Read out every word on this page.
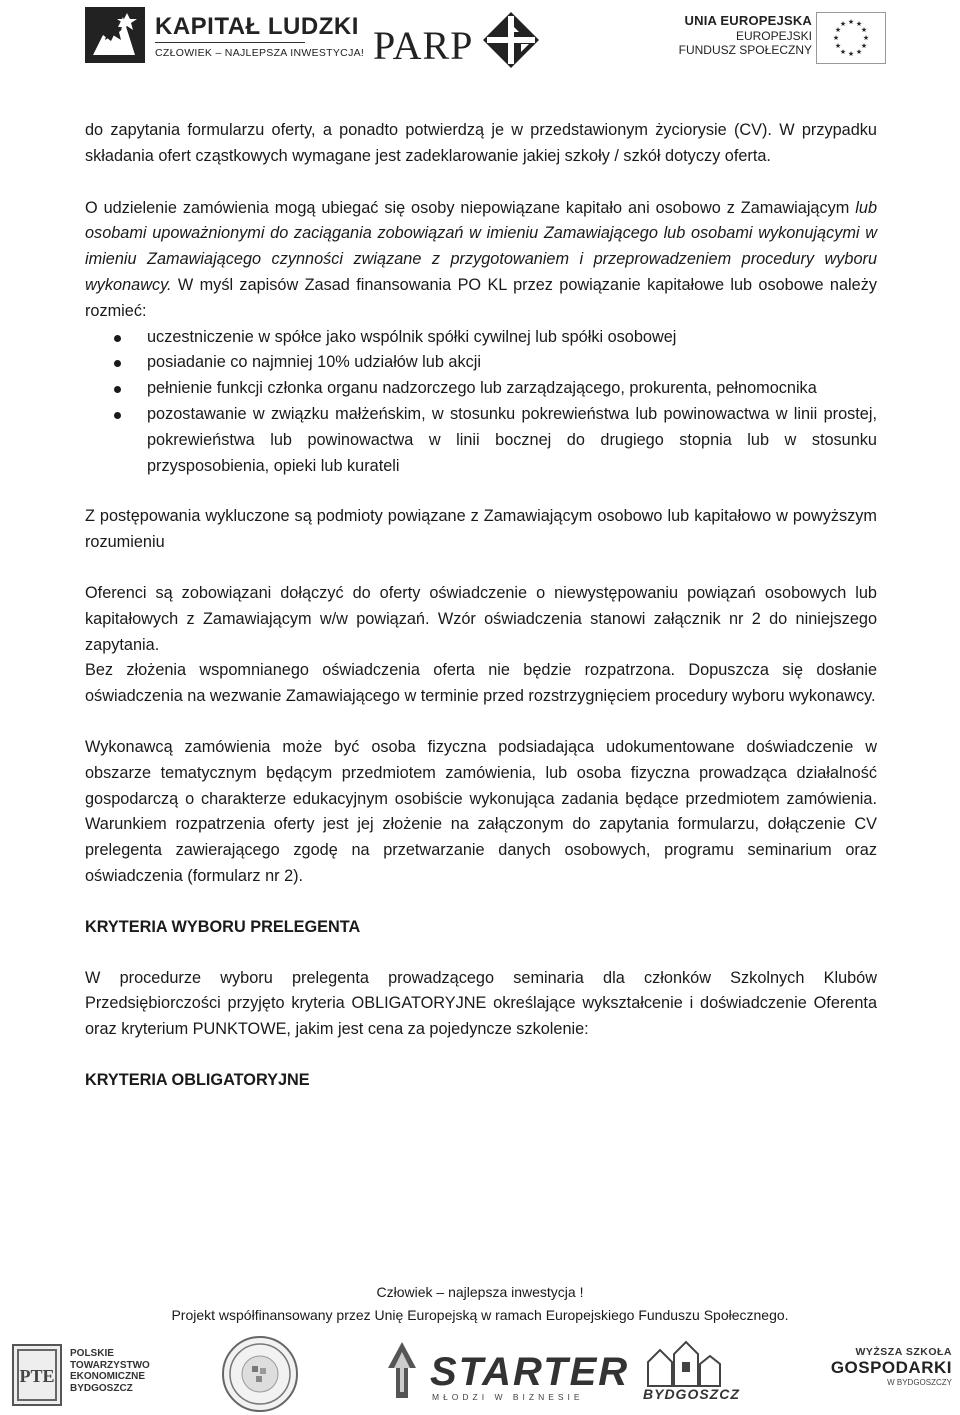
KAPITAŁ LUDZKI
CZŁOWIEK – NAJLEPSZA INWESTYCJA! PARP
UNIA EUROPEJSKA
EUROPEJSKI
FUNDUSZ SPOŁECZNY
★ ★
★
★
★
★
★
★
★
★
★
★

do zapytania formularzu oferty, a ponadto potwierdzą je w przedstawionym życiorysie (CV). W przypadku składania ofert cząstkowych wymagane jest zadeklarowanie jakiej szkoły / szkół dotyczy oferta.

O udzielenie zamówienia mogą ubiegać się osoby niepowiązane kapitało ani osobowo z Zamawiającym lub osobami upoważnionymi do zaciągania zobowiązań w imieniu Zamawiającego lub osobami wykonującymi w imieniu Zamawiającego czynności związane z przygotowaniem i przeprowadzeniem procedury wyboru wykonawcy. W myśl zapisów Zasad finansowania PO KL przez powiązanie kapitałowe lub osobowe należy rozmieć:

uczestniczenie w spółce jako wspólnik spółki cywilnej lub spółki osobowej
posiadanie co najmniej 10% udziałów lub akcji
pełnienie funkcji członka organu nadzorczego lub zarządzającego, prokurenta, pełnomocnika
pozostawanie w związku małżeńskim, w stosunku pokrewieństwa lub powinowactwa w linii prostej, pokrewieństwa lub powinowactwa w linii bocznej do drugiego stopnia lub w stosunku przysposobienia, opieki lub kurateli

Z postępowania wykluczone są podmioty powiązane z Zamawiającym osobowo lub kapitałowo w powyższym rozumieniu

Oferenci są zobowiązani dołączyć do oferty oświadczenie o niewystępowaniu powiązań osobowych lub kapitałowych z Zamawiającym w/w powiązań. Wzór oświadczenia stanowi załącznik nr 2 do niniejszego zapytania.

Bez złożenia wspomnianego oświadczenia oferta nie będzie rozpatrzona. Dopuszcza się dosłanie oświadczenia na wezwanie Zamawiającego w terminie przed rozstrzygnięciem procedury wyboru wykonawcy.

Wykonawcą zamówienia może być osoba fizyczna podsiadająca udokumentowane doświadczenie w obszarze tematycznym będącym przedmiotem zamówienia, lub osoba fizyczna prowadząca działalność gospodarczą o charakterze edukacyjnym osobiście wykonująca zadania będące przedmiotem zamówienia. Warunkiem rozpatrzenia oferty jest jej złożenie na załączonym do zapytania formularzu, dołączenie CV prelegenta zawierającego zgodę na przetwarzanie danych osobowych, programu seminarium oraz oświadczenia (formularz nr 2).

KRYTERIA WYBORU PRELEGENTA

W procedurze wyboru prelegenta prowadzącego seminaria dla członków Szkolnych Klubów Przedsiębiorczości przyjęto kryteria OBLIGATORYJNE określające wykształcenie i doświadczenie Oferenta oraz kryterium PUNKTOWE, jakim jest cena za pojedyncze szkolenie:

KRYTERIA OBLIGATORYJNE

Człowiek – najlepsza inwestycja !
Projekt współfinansowany przez Unię Europejską w ramach Europejskiego Funduszu Społecznego.
PTE
POLSKIE
TOWARZYSTWO
EKONOMICZNE
BYDGOSZCZ	STARTER
MŁODZI W BIZNESIE	BYDGOSZCZ
WYŻSZA SZKOŁA
GOSPODARKI
W BYDGOSZCZY
